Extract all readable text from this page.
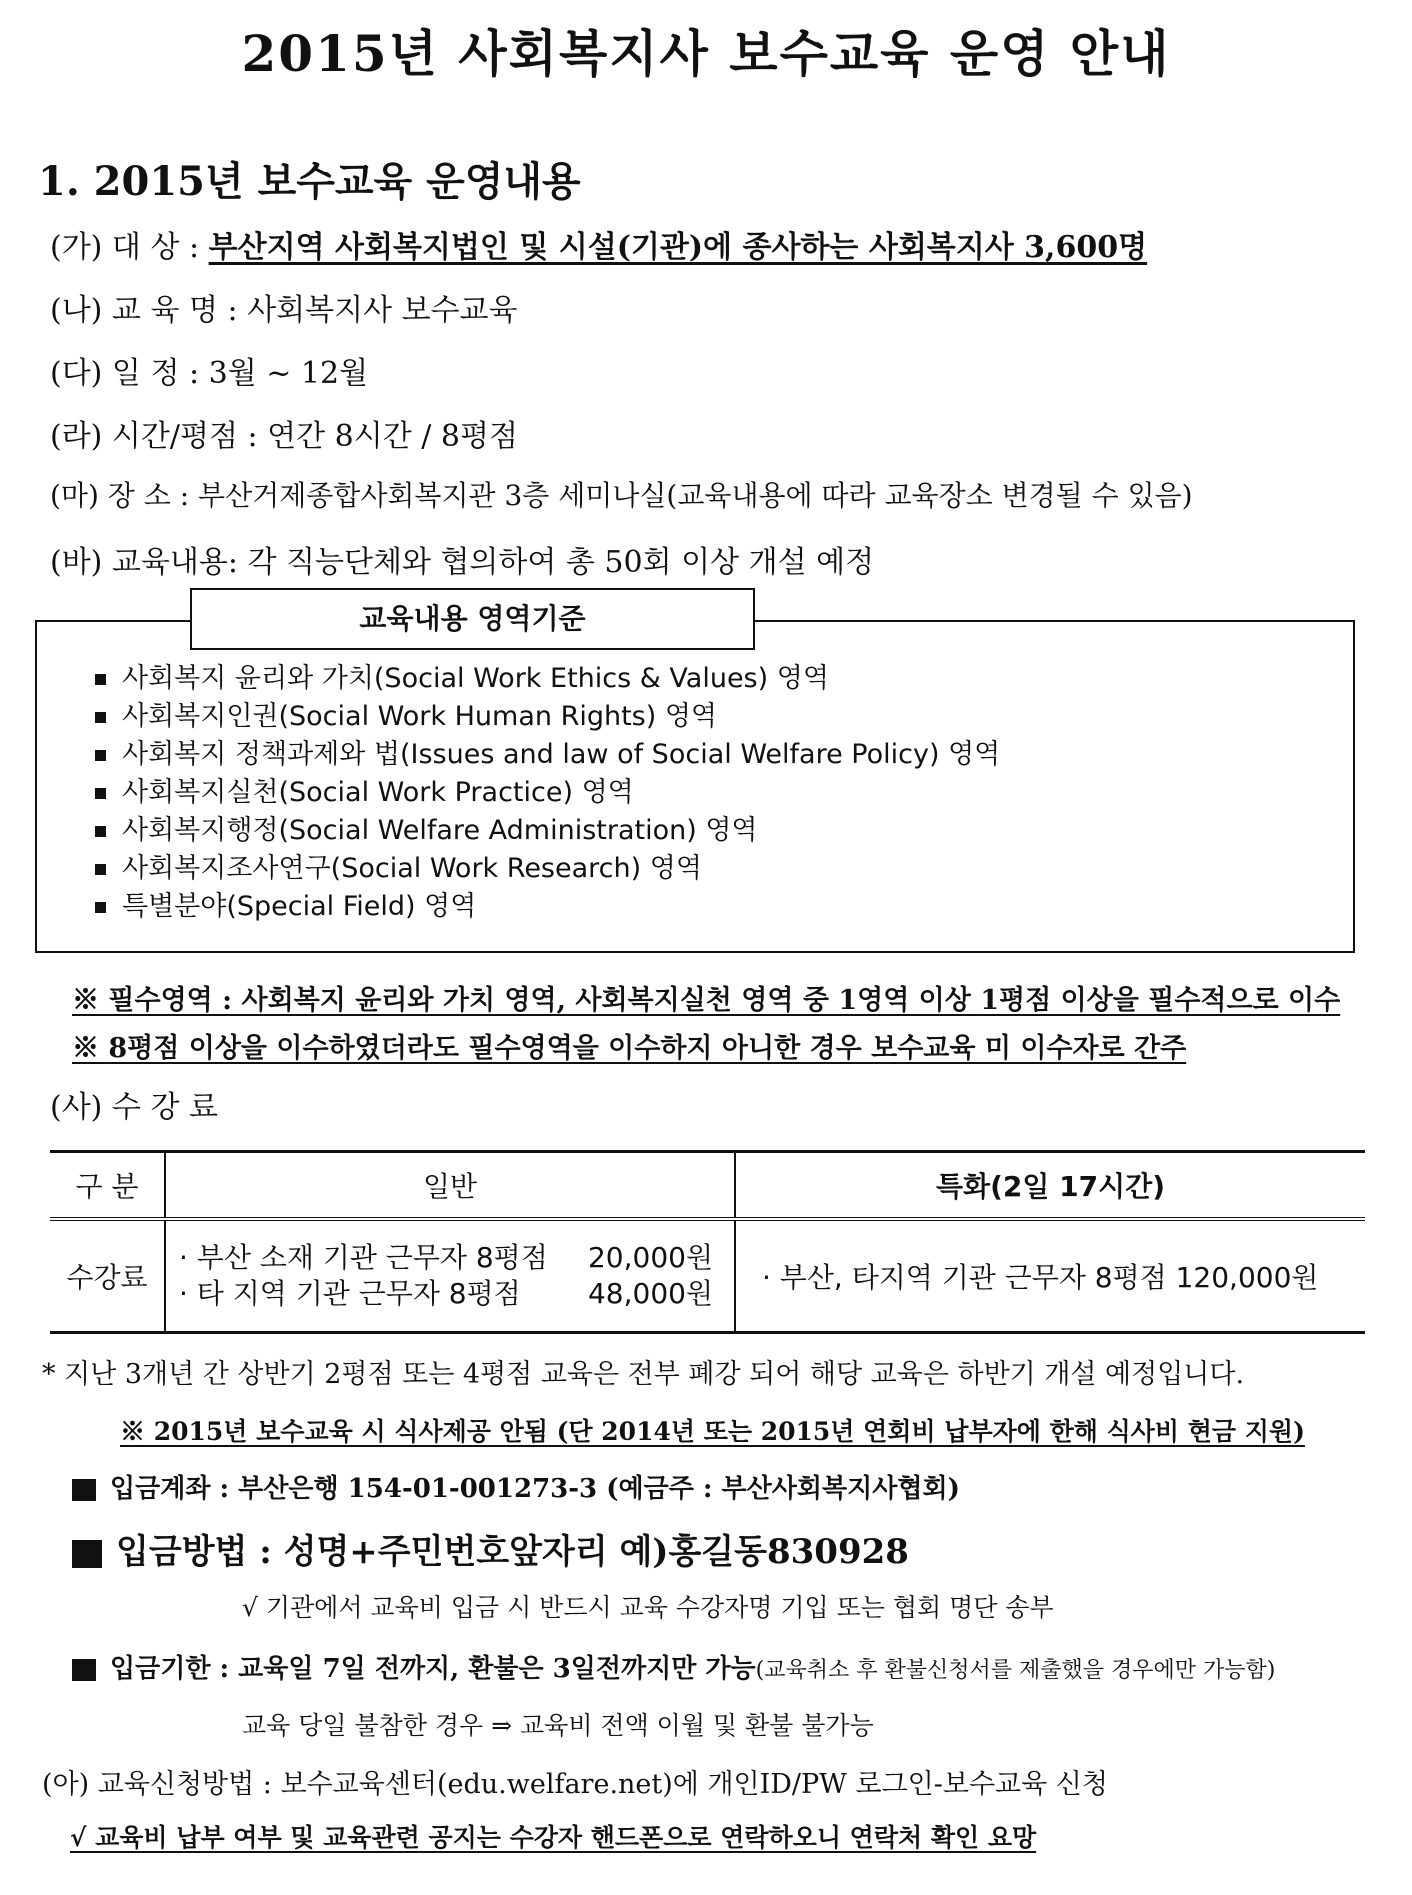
2015년 사회복지사 보수교육 운영 안내
1. 2015년 보수교육 운영내용
(가) 대 상 : 부산지역 사회복지법인 및 시설(기관)에 종사하는 사회복지사 3,600명
(나) 교 육 명 : 사회복지사 보수교육
(다) 일 정 : 3월 ~ 12월
(라) 시간/평점 : 연간 8시간 / 8평점
(마) 장 소 : 부산거제종합사회복지관 3층 세미나실(교육내용에 따라 교육장소 변경될 수 있음)
(바) 교육내용: 각 직능단체와 협의하여 총 50회 이상 개설 예정
교육내용 영역기준
사회복지 윤리와 가치(Social Work Ethics & Values) 영역
사회복지인권(Social Work Human Rights) 영역
사회복지 정책과제와 법(Issues and law of Social Welfare Policy) 영역
사회복지실천(Social Work Practice) 영역
사회복지행정(Social Welfare Administration) 영역
사회복지조사연구(Social Work Research) 영역
특별분야(Special Field) 영역
※ 필수영역 : 사회복지 윤리와 가치 영역, 사회복지실천 영역 중 1영역 이상 1평점 이상을 필수적으로 이수
※ 8평점 이상을 이수하였더라도 필수영역을 이수하지 아니한 경우 보수교육 미 이수자로 간주
(사) 수 강 료
구 분	일반	특화(2일 17시간)
수강료	· 부산 소재 기관 근무자 8평점 20,000원
· 타 지역 기관 근무자 8평점 48,000원	· 부산, 타지역 기관 근무자 8평점 120,000원
* 지난 3개년 간 상반기 2평점 또는 4평점 교육은 전부 폐강 되어 해당 교육은 하반기 개설 예정입니다.
※ 2015년 보수교육 시 식사제공 안됨 (단 2014년 또는 2015년 연회비 납부자에 한해 식사비 현금 지원)
입금계좌 : 부산은행 154-01-001273-3 (예금주 : 부산사회복지사협회)
입금방법 : 성명+주민번호앞자리 예)홍길동830928
√ 기관에서 교육비 입금 시 반드시 교육 수강자명 기입 또는 협회 명단 송부
입금기한 : 교육일 7일 전까지, 환불은 3일전까지만 가능(교육취소 후 환불신청서를 제출했을 경우에만 가능함)
교육 당일 불참한 경우 ⇒ 교육비 전액 이월 및 환불 불가능
(아) 교육신청방법 : 보수교육센터(edu.welfare.net)에 개인ID/PW 로그인-보수교육 신청
√ 교육비 납부 여부 및 교육관련 공지는 수강자 핸드폰으로 연락하오니 연락처 확인 요망
